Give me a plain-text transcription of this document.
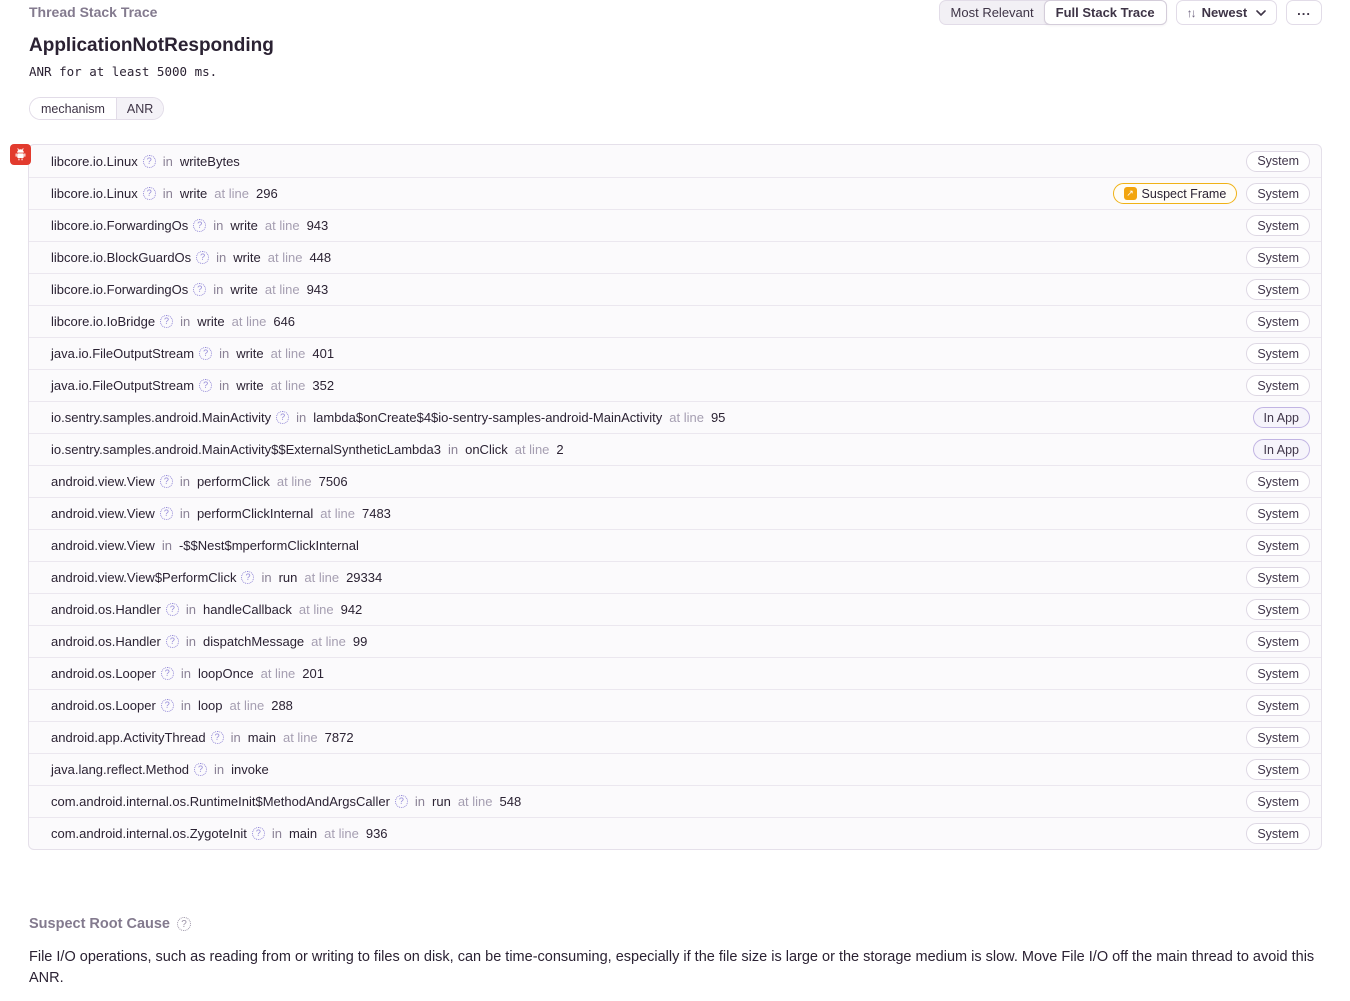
Thread Stack Trace	Most Relevant	Full Stack Trace	↑↓ Newest	...
ApplicationNotResponding
ANR for at least 5000 ms.
mechanism	ANR
libcore.io.Linux ? in writeBytes	System
libcore.io.Linux ? in write at line 296	↗ Suspect Frame	System
libcore.io.ForwardingOs ? in write at line 943	System
libcore.io.BlockGuardOs ? in write at line 448	System
libcore.io.ForwardingOs ? in write at line 943	System
libcore.io.IoBridge ? in write at line 646	System
java.io.FileOutputStream ? in write at line 401	System
java.io.FileOutputStream ? in write at line 352	System
io.sentry.samples.android.MainActivity ? in lambda$onCreate$4$io-sentry-samples-android-MainActivity at line 95	In App
io.sentry.samples.android.MainActivity$$ExternalSyntheticLambda3 in onClick at line 2	In App
android.view.View ? in performClick at line 7506	System
android.view.View ? in performClickInternal at line 7483	System
android.view.View in -$$Nest$mperformClickInternal	System
android.view.View$PerformClick ? in run at line 29334	System
android.os.Handler ? in handleCallback at line 942	System
android.os.Handler ? in dispatchMessage at line 99	System
android.os.Looper ? in loopOnce at line 201	System
android.os.Looper ? in loop at line 288	System
android.app.ActivityThread ? in main at line 7872	System
java.lang.reflect.Method ? in invoke	System
com.android.internal.os.RuntimeInit$MethodAndArgsCaller ? in run at line 548	System
com.android.internal.os.ZygoteInit ? in main at line 936	System
Suspect Root Cause	?
File I/O operations, such as reading from or writing to files on disk, can be time-consuming, especially if the file size is large or the storage medium is slow. Move File I/O off the main thread to avoid this ANR.
